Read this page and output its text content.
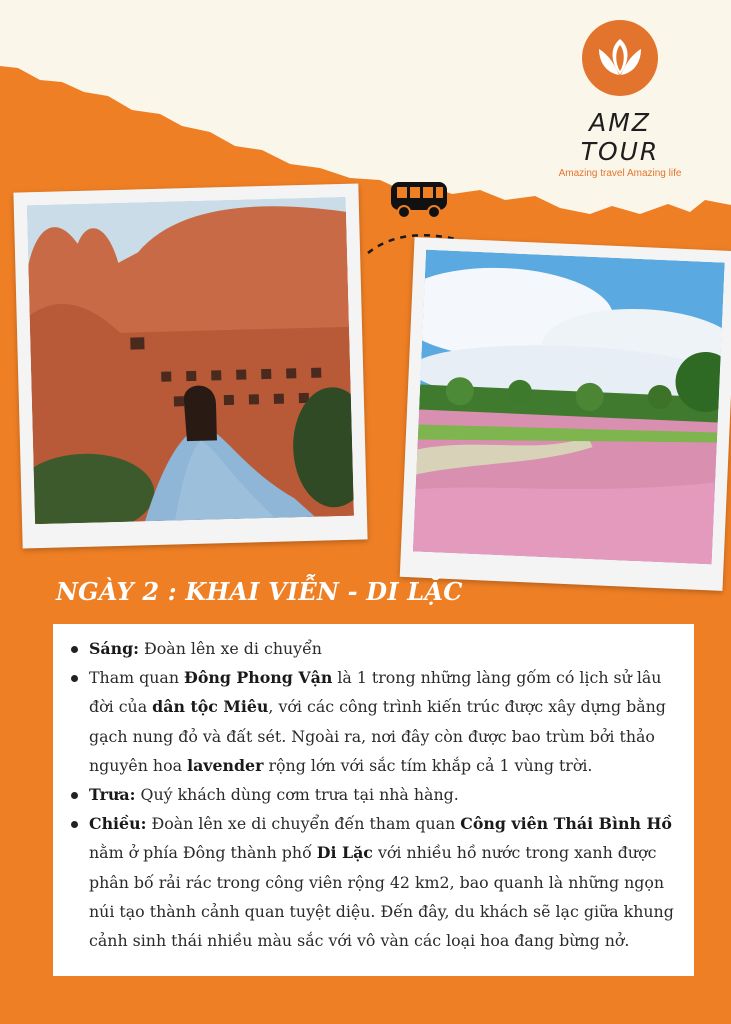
AMZ TOUR
Amazing travel Amazing life
NGÀY 2 : KHAI VIỄN - DI LẶC
Sáng: Đoàn lên xe di chuyển
Tham quan Đông Phong Vận là 1 trong những làng gốm có lịch sử lâu đời của dân tộc Miêu, với các công trình kiến trúc được xây dựng bằng gạch nung đỏ và đất sét. Ngoài ra, nơi đây còn được bao trùm bởi thảo nguyên hoa lavender rộng lớn với sắc tím khắp cả 1 vùng trời.
Trưa: Quý khách dùng cơm trưa tại nhà hàng.
Chiều: Đoàn lên xe di chuyển đến tham quan Công viên Thái Bình Hồ nằm ở phía Đông thành phố Di Lặc với nhiều hồ nước trong xanh được phân bố rải rác trong công viên rộng 42 km2, bao quanh là những ngọn núi tạo thành cảnh quan tuyệt diệu. Đến đây, du khách sẽ lạc giữa khung cảnh sinh thái nhiều màu sắc với vô vàn các loại hoa đang bừng nở.
